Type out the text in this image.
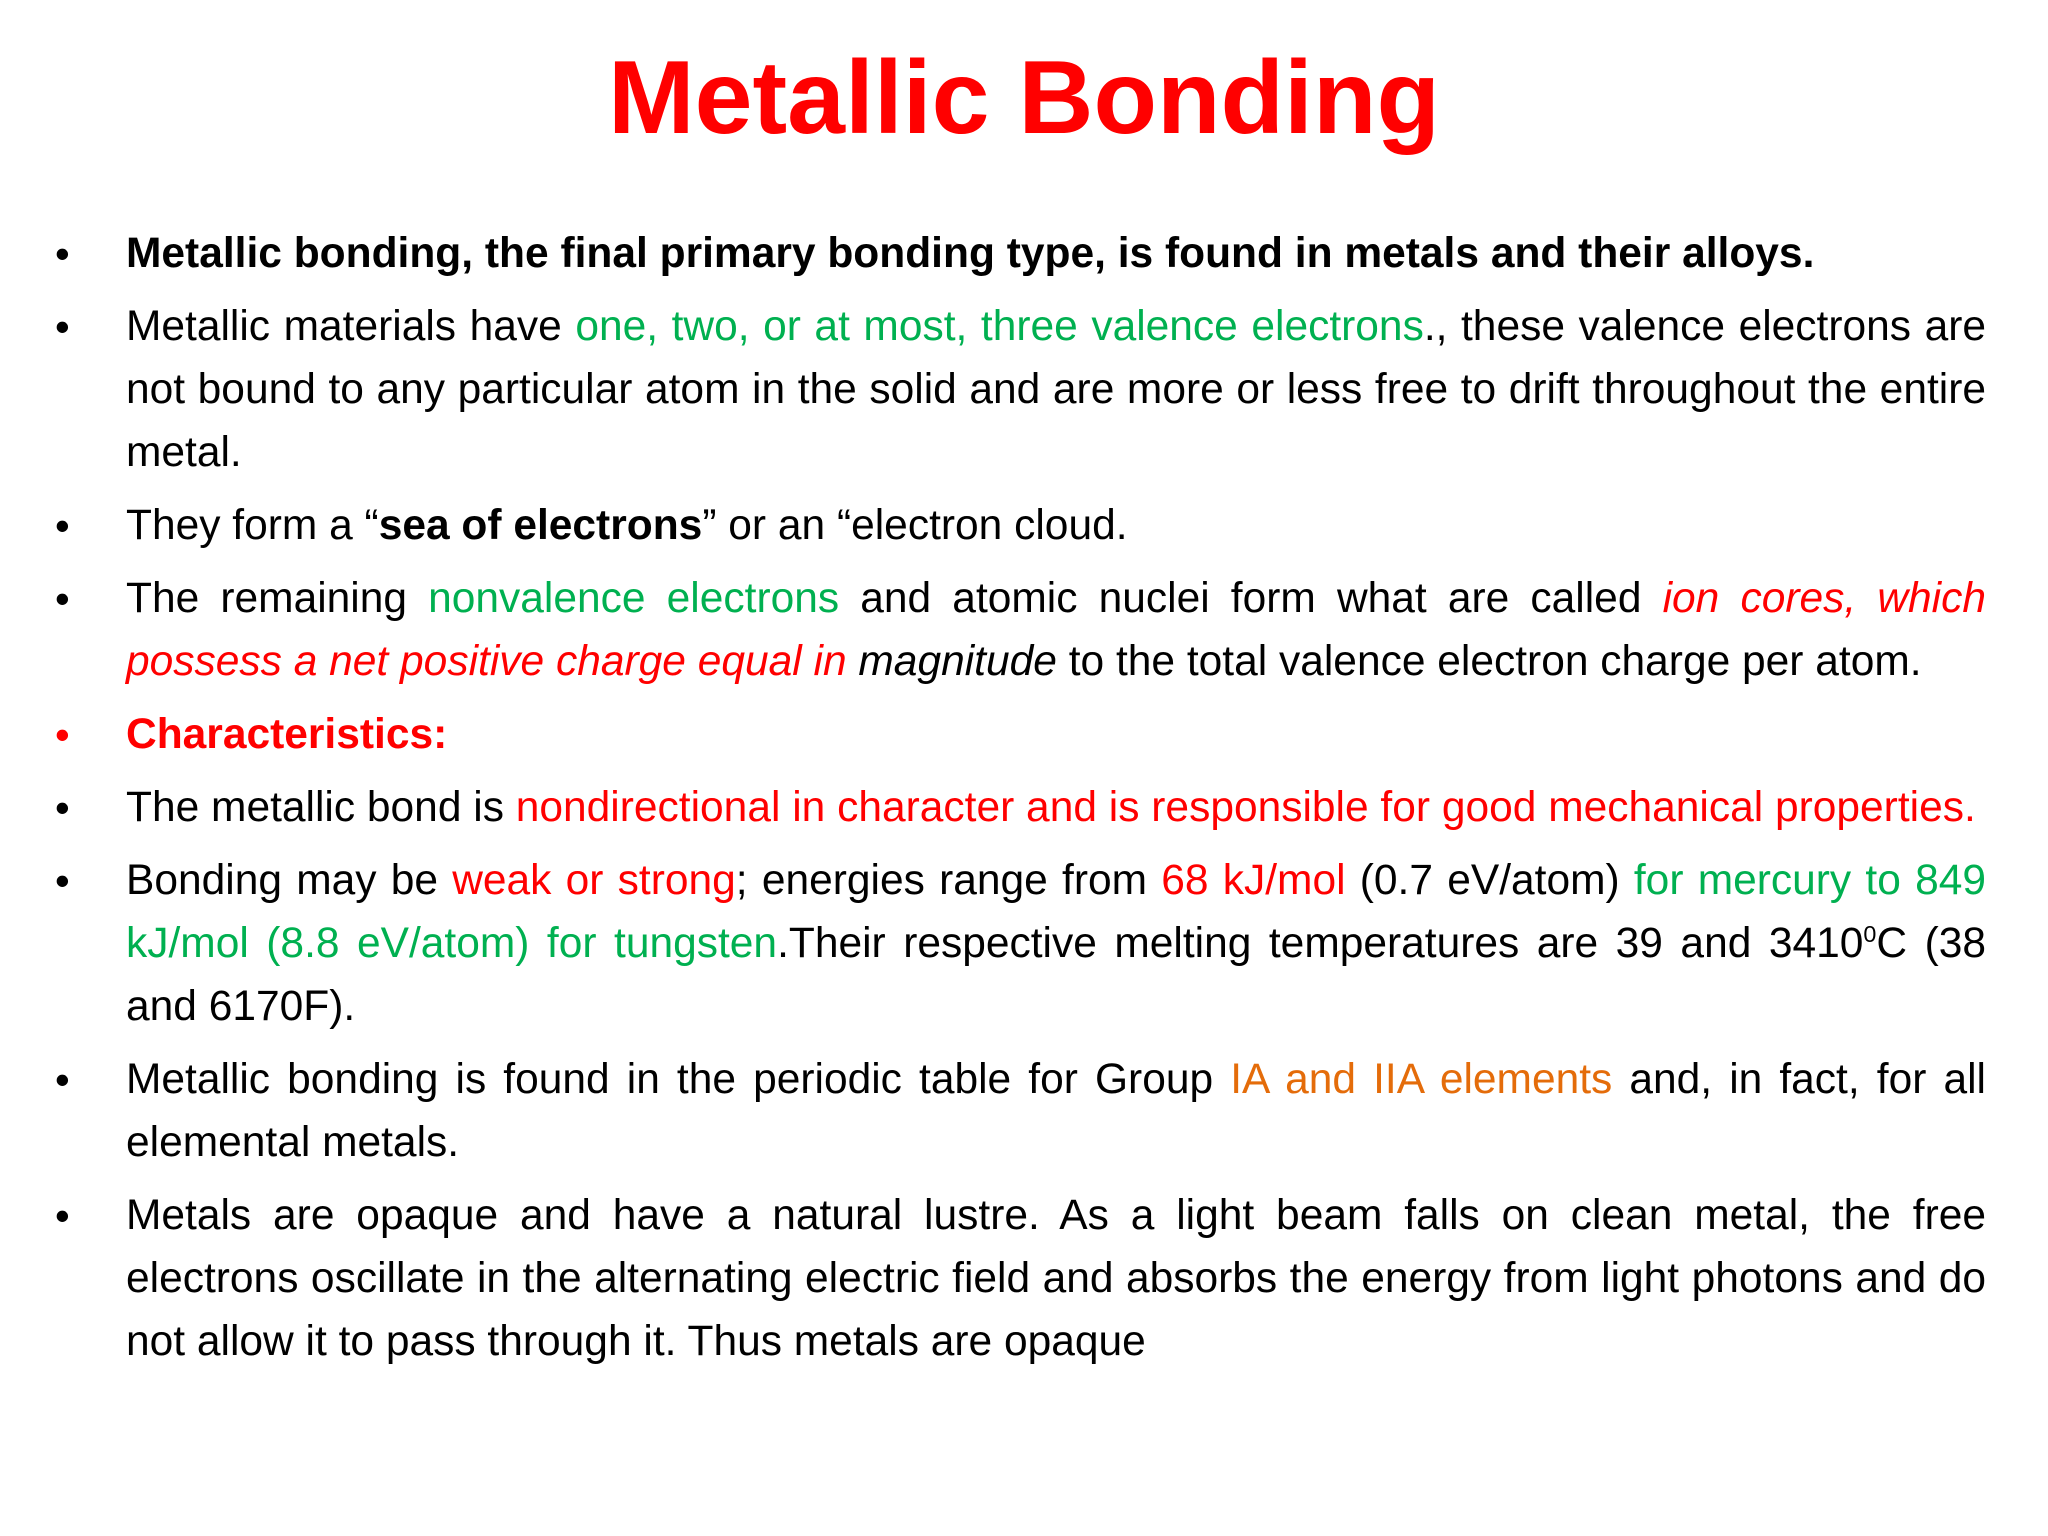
Metallic Bonding
• Metallic bonding, the final primary bonding type, is found in metals and their alloys.
• Metallic materials have one, two, or at most, three valence electrons., these valence electrons are not bound to any particular atom in the solid and are more or less free to drift throughout the entire metal.
• They form a “sea of electrons” or an “electron cloud.
• The remaining nonvalence electrons and atomic nuclei form what are called ion cores, which possess a net positive charge equal in magnitude to the total valence electron charge per atom.
• Characteristics:
• The metallic bond is nondirectional in character and is responsible for good mechanical properties.
• Bonding may be weak or strong; energies range from 68 kJ/mol (0.7 eV/atom) for mercury to 849 kJ/mol (8.8 eV/atom) for tungsten.Their respective melting temperatures are 39 and 3410$^0$C (38 and 6170F).
• Metallic bonding is found in the periodic table for Group IA and IIA elements and, in fact, for all elemental metals.
• Metals are opaque and have a natural lustre. As a light beam falls on clean metal, the free electrons oscillate in the alternating electric field and absorbs the energy from light photons and do not allow it to pass through it. Thus metals are opaque
